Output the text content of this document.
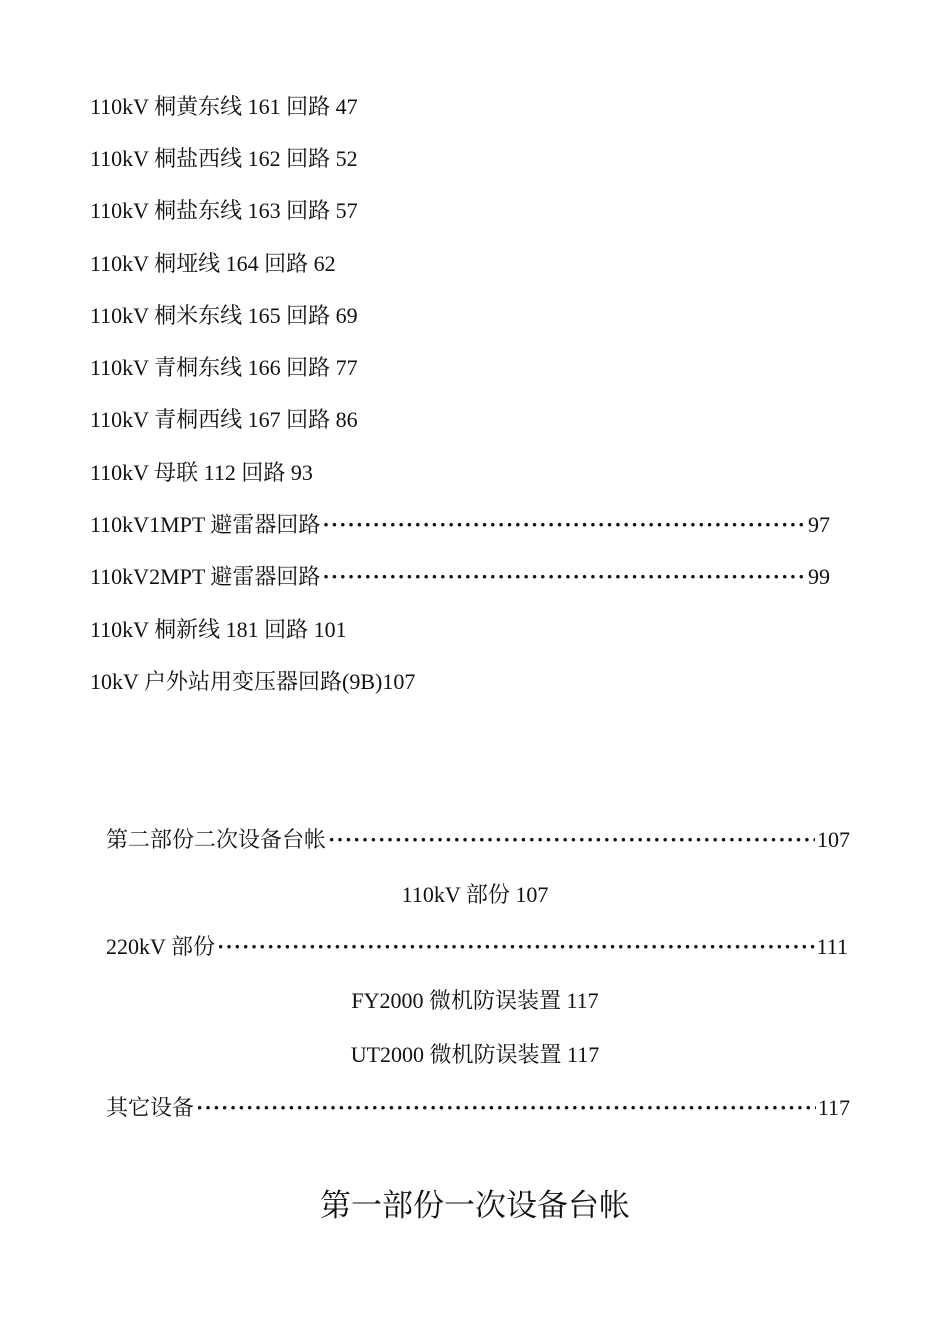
110kV 桐黄东线 161 回路 47
110kV 桐盐西线 162 回路 52
110kV 桐盐东线 163 回路 57
110kV 桐垭线 164 回路 62
110kV 桐米东线 165 回路 69
110kV 青桐东线 166 回路 77
110kV 青桐西线 167 回路 86
110kV 母联 112 回路 93
110kV1MPT 避雷器回路 ·····	97
110kV2MPT 避雷器回路 ·····	99
110kV 桐新线 181 回路 101
10kV 户外站用变压器回路(9B)107
第二部份二次设备台帐 ·····	107
110kV 部份 107
220kV 部份 ·····	111
FY2000 微机防误装置 117
UT2000 微机防误装置 117
其它设备 ·····	117
第一部份一次设备台帐
